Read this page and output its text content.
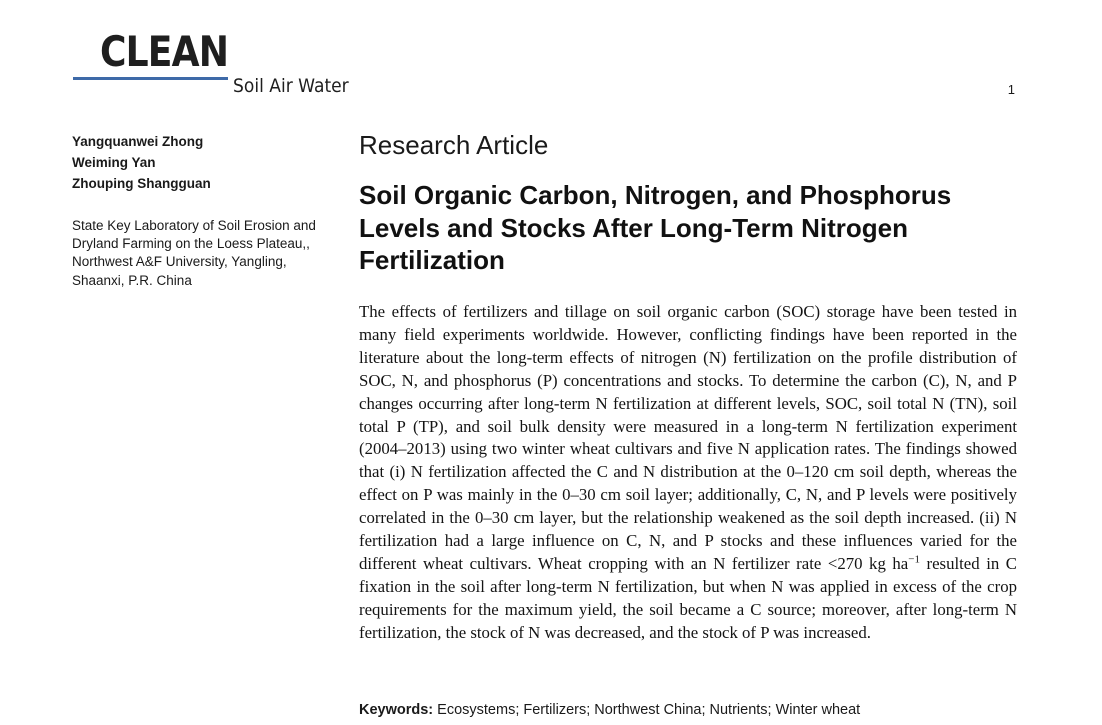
CLEAN
Soil Air Water	1
Yangquanwei Zhong
Weiming Yan
Zhouping Shangguan
State Key Laboratory of Soil Erosion and Dryland Farming on the Loess Plateau,, Northwest A&F University, Yangling, Shaanxi, P.R. China
Research Article
Soil Organic Carbon, Nitrogen, and Phosphorus Levels and Stocks After Long-Term Nitrogen Fertilization
The effects of fertilizers and tillage on soil organic carbon (SOC) storage have been tested in many field experiments worldwide. However, conflicting findings have been reported in the literature about the long-term effects of nitrogen (N) fertilization on the profile distribution of SOC, N, and phosphorus (P) concentrations and stocks. To determine the carbon (C), N, and P changes occurring after long-term N fertilization at different levels, SOC, soil total N (TN), soil total P (TP), and soil bulk density were measured in a long-term N fertilization experiment (2004–2013) using two winter wheat cultivars and five N application rates. The findings showed that (i) N fertilization affected the C and N distribution at the 0–120 cm soil depth, whereas the effect on P was mainly in the 0–30 cm soil layer; additionally, C, N, and P levels were positively correlated in the 0–30 cm layer, but the relationship weakened as the soil depth increased. (ii) N fertilization had a large influence on C, N, and P stocks and these influences varied for the different wheat cultivars. Wheat cropping with an N fertilizer rate <270 kg $ha^{-1}$ resulted in C fixation in the soil after long-term N fertilization, but when N was applied in excess of the crop requirements for the maximum yield, the soil became a C source; moreover, after long-term N fertilization, the stock of N was decreased, and the stock of P was increased.
Keywords: Ecosystems; Fertilizers; Northwest China; Nutrients; Winter wheat
